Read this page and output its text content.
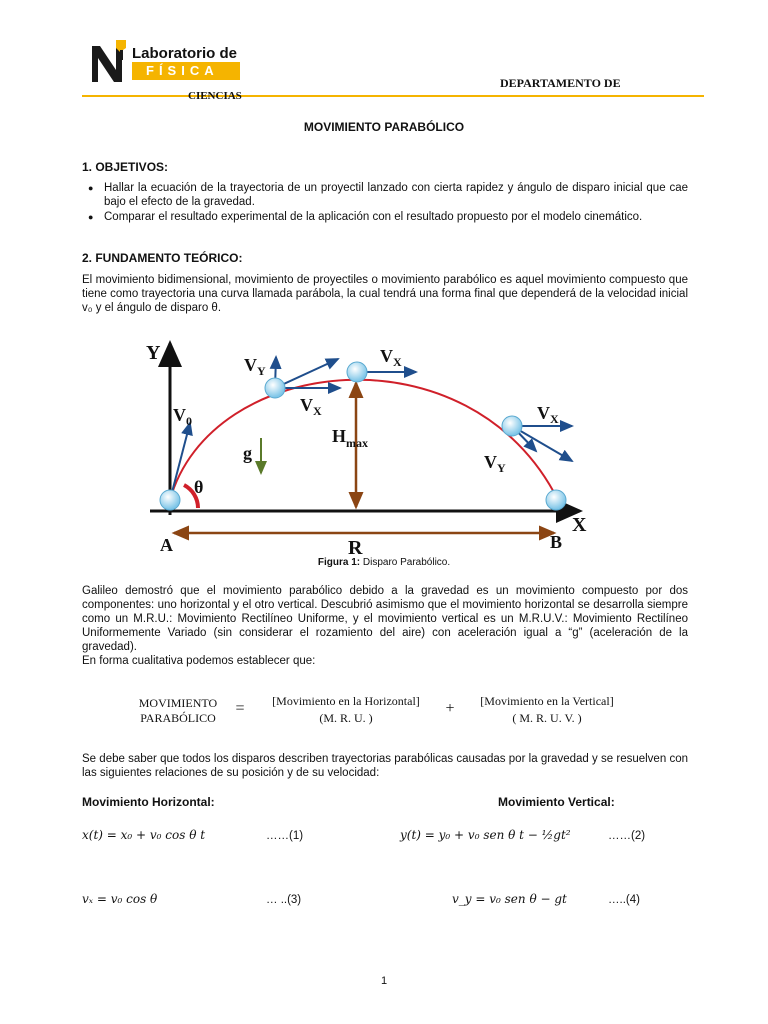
Laboratorio de
FÍSICA
DEPARTAMENTO DE
CIENCIAS
MOVIMIENTO PARABÓLICO
1. OBJETIVOS:
● Hallar la ecuación de la trayectoria de un proyectil lanzado con cierta rapidez y ángulo de disparo inicial que cae bajo el efecto de la gravedad.
● Comparar el resultado experimental de la aplicación con el resultado propuesto por el modelo cinemático.
2. FUNDAMENTO TEÓRICO:
El movimiento bidimensional, movimiento de proyectiles o movimiento parabólico es aquel movimiento compuesto que tiene como trayectoria una curva llamada parábola, la cual tendrá una forma final que dependerá de la velocidad inicial v₀ y el ángulo de disparo θ.
Y
X
A	B
R
$V_0$
θ
g
$H_{max}$
$V_Y$
$V_X$
$V_X$
$V_X$
$V_Y$
Figura 1: Disparo Parabólico.
Galileo demostró que el movimiento parabólico debido a la gravedad es un movimiento compuesto por dos componentes: uno horizontal y el otro vertical. Descubrió asimismo que el movimiento horizontal se desarrolla siempre como un M.R.U.: Movimiento Rectilíneo Uniforme, y el movimiento vertical es un M.R.U.V.: Movimiento Rectilíneo Uniformemente Variado (sin considerar el rozamiento del aire) con aceleración igual a “g” (aceleración de la gravedad).
En forma cualitativa podemos establecer que:
MOVIMIENTO
PARABÓLICO
=	[Movimiento en la Horizontal]
(M. R. U. )
+	[Movimiento en la Vertical]
( M. R. U. V. )
Se debe saber que todos los disparos describen trayectorias parabólicas causadas por la gravedad y se resuelven con las siguientes relaciones de su posición y de su velocidad:
Movimiento Horizontal:	Movimiento Vertical:
x(t) = x₀ + v₀ cos θ t	……(1)	y(t) = y₀ + v₀ sen θ t − ½gt²	……(2)
vₓ = v₀ cos θ	… ..(3)	v_y = v₀ sen θ − gt	…..(4)
1
